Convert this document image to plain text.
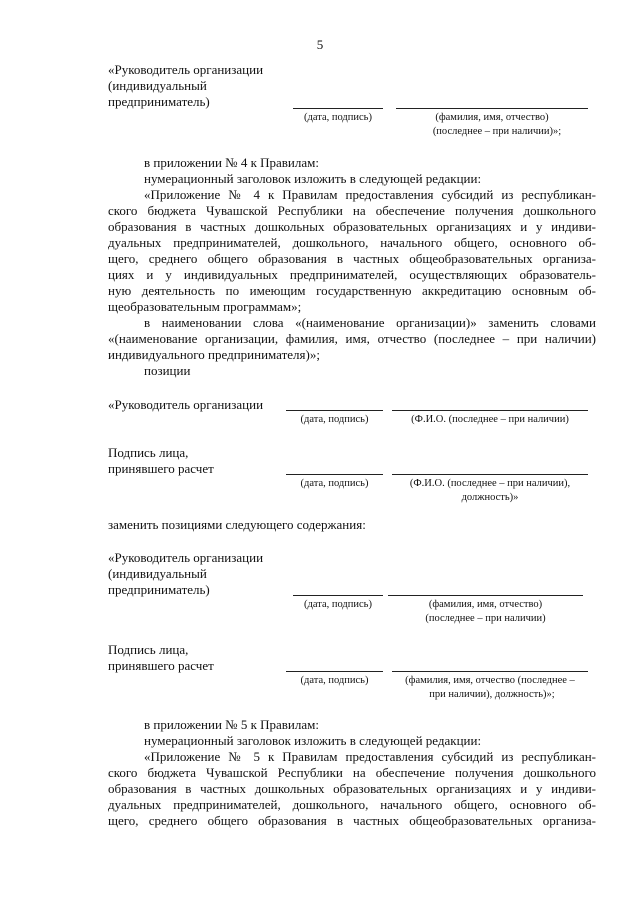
5
«Руководитель организации
(индивидуальный
предприниматель)
(дата, подпись)	(фамилия, имя, отчество)
(последнее – при наличии)»;
в приложении № 4 к Правилам:
нумерационный заголовок изложить в следующей редакции:
«Приложение № 4 к Правилам предоставления субсидий из республикан-
ского бюджета Чувашской Республики на обеспечение получения дошкольного
образования в частных дошкольных образовательных организациях и у индиви-
дуальных предпринимателей, дошкольного, начального общего, основного об-
щего, среднего общего образования в частных общеобразовательных организа-
циях и у индивидуальных предпринимателей, осуществляющих образователь-
ную деятельность по имеющим государственную аккредитацию основным об-
щеобразовательным программам»;
в наименовании слова «(наименование организации)» заменить словами
«(наименование организации, фамилия, имя, отчество (последнее – при наличии)
индивидуального предпринимателя)»;
позиции
«Руководитель организации
(дата, подпись)	(Ф.И.О. (последнее – при наличии)
Подпись лица,
принявшего расчет
(дата, подпись)	(Ф.И.О. (последнее – при наличии),
должность)»
заменить позициями следующего содержания:
«Руководитель организации
(индивидуальный
предприниматель)
(дата, подпись)	(фамилия, имя, отчество)
(последнее – при наличии)
Подпись лица,
принявшего расчет
(дата, подпись)	(фамилия, имя, отчество (последнее –
при наличии), должность)»;
в приложении № 5 к Правилам:
нумерационный заголовок изложить в следующей редакции:
«Приложение № 5 к Правилам предоставления субсидий из республикан-
ского бюджета Чувашской Республики на обеспечение получения дошкольного
образования в частных дошкольных образовательных организациях и у индиви-
дуальных предпринимателей, дошкольного, начального общего, основного об-
щего, среднего общего образования в частных общеобразовательных организа-
